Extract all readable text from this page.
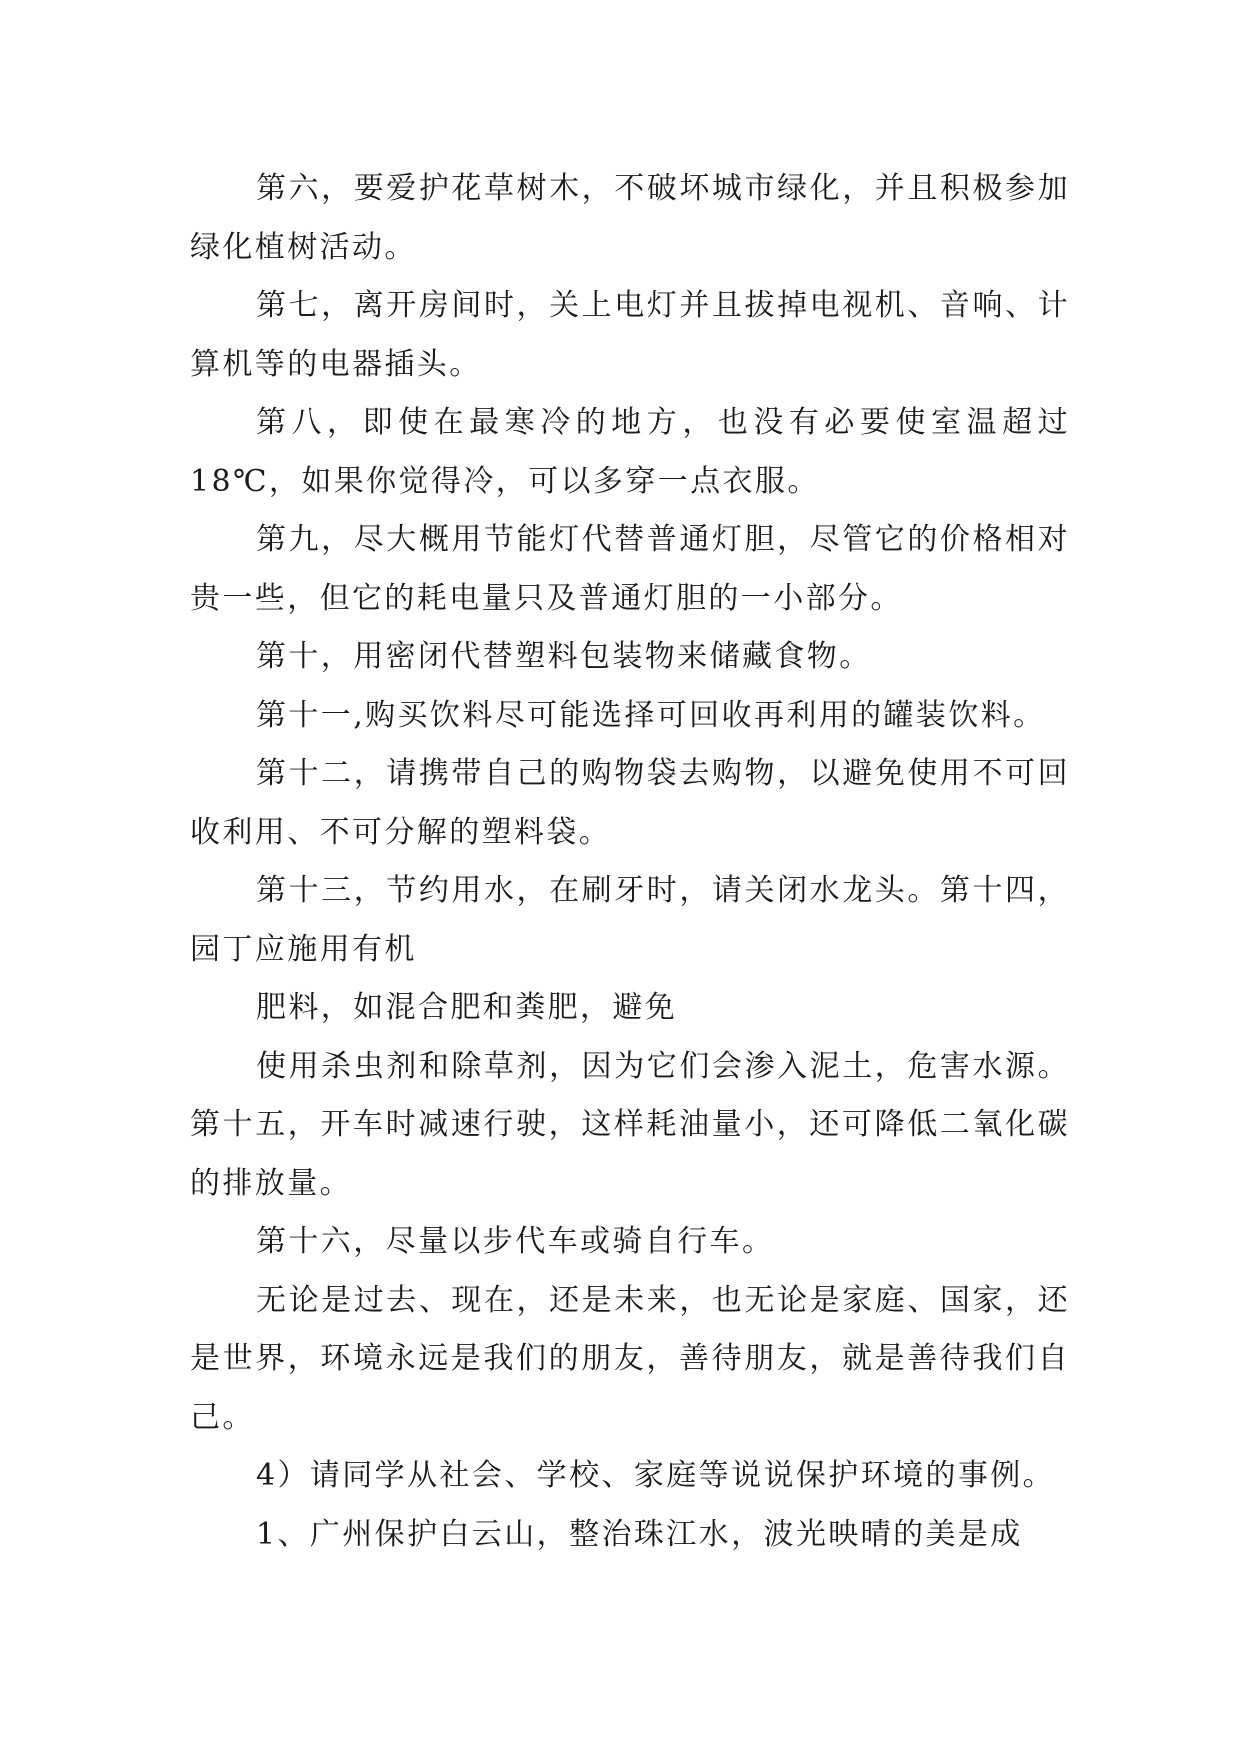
第六，要爱护花草树木，不破坏城市绿化，并且积极参加绿化植树活动。

第七，离开房间时，关上电灯并且拔掉电视机、音响、计算机等的电器插头。

第八，即使在最寒冷的地方，也没有必要使室温超过18℃，如果你觉得冷，可以多穿一点衣服。

第九，尽大概用节能灯代替普通灯胆，尽管它的价格相对贵一些，但它的耗电量只及普通灯胆的一小部分。

第十，用密闭代替塑料包装物来储藏食物。

第十一,购买饮料尽可能选择可回收再利用的罐装饮料。

第十二，请携带自己的购物袋去购物，以避免使用不可回收利用、不可分解的塑料袋。

第十三，节约用水，在刷牙时，请关闭水龙头。第十四，园丁应施用有机

肥料，如混合肥和粪肥，避免

使用杀虫剂和除草剂，因为它们会渗入泥土，危害水源。第十五，开车时减速行驶，这样耗油量小，还可降低二氧化碳的排放量。

第十六，尽量以步代车或骑自行车。

无论是过去、现在，还是未来，也无论是家庭、国家，还是世界，环境永远是我们的朋友，善待朋友，就是善待我们自己。

4）请同学从社会、学校、家庭等说说保护环境的事例。

1、广州保护白云山，整治珠江水，波光映晴的美是成
